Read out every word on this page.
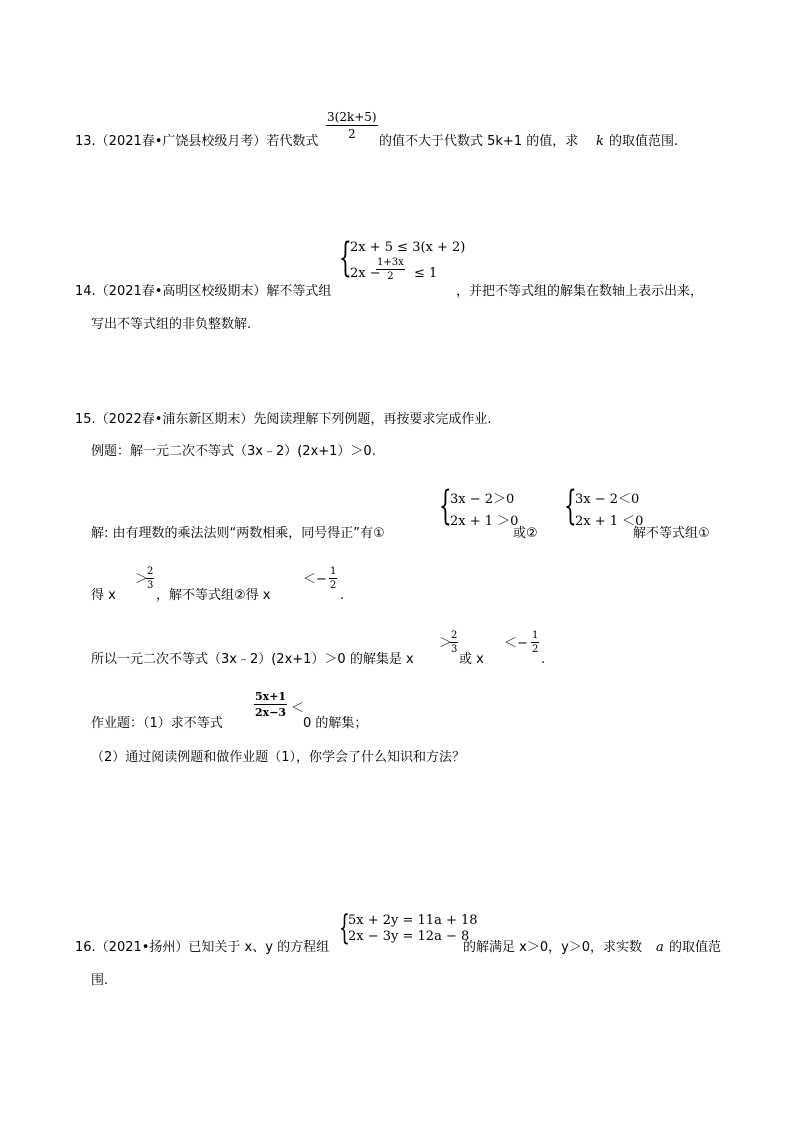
13.（2021春•广饶县校级月考）若代数式
$\frac{3(2k+5)}{2}$
的值不大于代数式 5k+1 的值，求 k 的取值范围.
14.（2021春•高明区校级期末）解不等式组
{
2x + 5 ≤ 3(x + 2)
2x −
$\frac{1+3x}{2} \le 1$
，并把不等式组的解集在数轴上表示出来，
写出不等式组的非负整数解.
15.（2022春•浦东新区期末）先阅读理解下列例题，再按要求完成作业.
例题：解一元二次不等式（3x﹣2）(2x+1）＞0.
解: 由有理数的乘法法则“两数相乘，同号得正”有①
{
3x − 2＞0
2x + 1 ＞0
或②
{
3x − 2＜0
2x + 1 ＜0
解不等式组①
得 x
＞
$\frac{2}{3}$
，解不等式组②得 x
＜− $\frac{1}{2}$
.
所以一元二次不等式（3x﹣2）(2x+1）＞0 的解集是 x
＞
$\frac{2}{3}$
或 x
＜− $\frac{1}{2}$
.
作业题：（1）求不等式
$\frac{5x+1}{2x-3}$ ＜
0 的解集；
（2）通过阅读例题和做作业题（1），你学会了什么知识和方法？
16.（2021•扬州）已知关于 x、y 的方程组 {
5x + 2y = 11a + 18
2x − 3y = 12a − 8
的解满足 x＞0，y＞0，求实数 a 的取值范
围.
